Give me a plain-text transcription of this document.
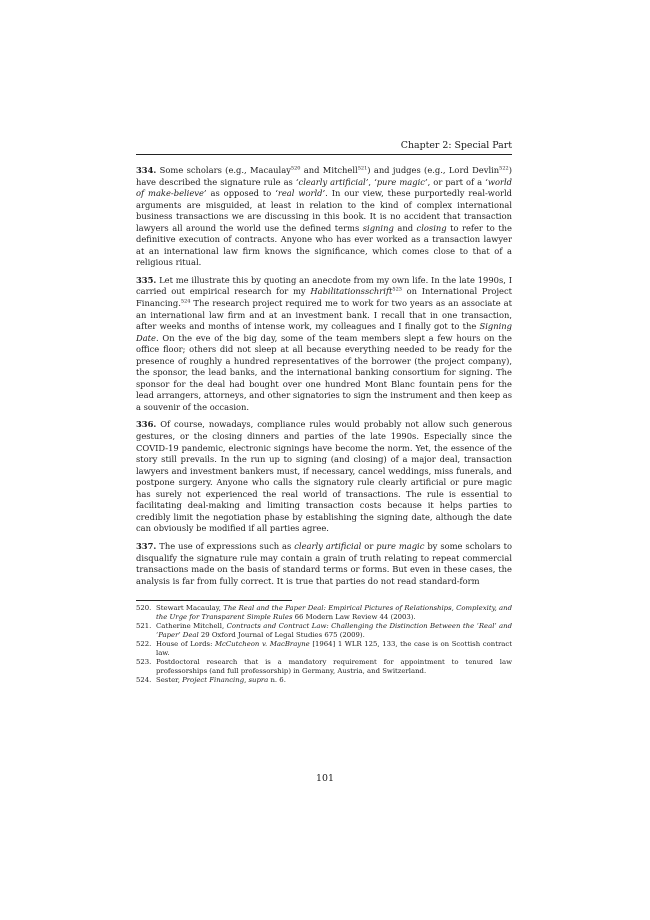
Chapter 2: Special Part

334. Some scholars (e.g., Macaulay$^{520}$ and Mitchell$^{521}$) and judges (e.g., Lord Devlin$^{522}$) have described the signature rule as ‘clearly artificial’, ‘pure magic’, or part of a ‘world of make-believe’ as opposed to ‘real world’. In our view, these purportedly real-world arguments are misguided, at least in relation to the kind of complex international business transactions we are discussing in this book. It is no accident that transaction lawyers all around the world use the defined terms signing and closing to refer to the definitive execution of contracts. Anyone who has ever worked as a transaction lawyer at an international law firm knows the significance, which comes close to that of a religious ritual.

335. Let me illustrate this by quoting an anecdote from my own life. In the late 1990s, I carried out empirical research for my Habilitationsschrift$^{523}$ on International Project Financing.$^{524}$ The research project required me to work for two years as an associate at an international law firm and at an investment bank. I recall that in one transaction, after weeks and months of intense work, my colleagues and I finally got to the Signing Date. On the eve of the big day, some of the team members slept a few hours on the office floor; others did not sleep at all because everything needed to be ready for the presence of roughly a hundred representatives of the borrower (the project company), the sponsor, the lead banks, and the international banking consortium for signing. The sponsor for the deal had bought over one hundred Mont Blanc fountain pens for the lead arrangers, attorneys, and other signatories to sign the instrument and then keep as a souvenir of the occasion.

336. Of course, nowadays, compliance rules would probably not allow such generous gestures, or the closing dinners and parties of the late 1990s. Especially since the COVID-19 pandemic, electronic signings have become the norm. Yet, the essence of the story still prevails. In the run up to signing (and closing) of a major deal, transaction lawyers and investment bankers must, if necessary, cancel weddings, miss funerals, and postpone surgery. Anyone who calls the signatory rule clearly artificial or pure magic has surely not experienced the real world of transactions. The rule is essential to facilitating deal-making and limiting transaction costs because it helps parties to credibly limit the negotiation phase by establishing the signing date, although the date can obviously be modified if all parties agree.

337. The use of expressions such as clearly artificial or pure magic by some scholars to disqualify the signature rule may contain a grain of truth relating to repeat commercial transactions made on the basis of standard terms or forms. But even in these cases, the analysis is far from fully correct. It is true that parties do not read standard-form

520. Stewart Macaulay, The Real and the Paper Deal: Empirical Pictures of Relationships, Complexity, and the Urge for Transparent Simple Rules 66 Modern Law Review 44 (2003).
521. Catherine Mitchell, Contracts and Contract Law: Challenging the Distinction Between the ‘Real’ and ‘Paper’ Deal 29 Oxford Journal of Legal Studies 675 (2009).
522. House of Lords: McCutcheon v. MacBrayne [1964] 1 WLR 125, 133, the case is on Scottish contract law.
523. Postdoctoral research that is a mandatory requirement for appointment to tenured law professorships (and full professorship) in Germany, Austria, and Switzerland.
524. Sester, Project Financing, supra n. 6.
101
